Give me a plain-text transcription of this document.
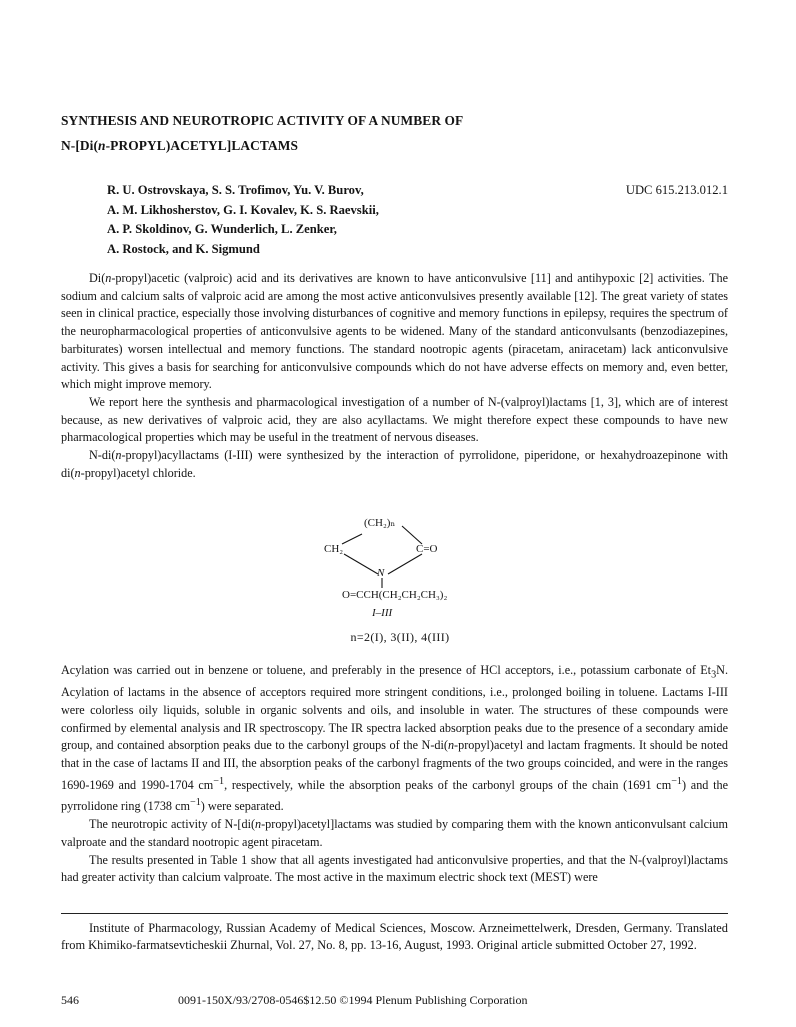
SYNTHESIS AND NEUROTROPIC ACTIVITY OF A NUMBER OF
N-[Di(n-PROPYL)ACETYL]LACTAMS
R. U. Ostrovskaya, S. S. Trofimov, Yu. V. Burov,
A. M. Likhosherstov, G. I. Kovalev, K. S. Raevskii,
A. P. Skoldinov, G. Wunderlich, L. Zenker,
A. Rostock, and K. Sigmund
UDC 615.213.012.1

Di(n-propyl)acetic (valproic) acid and its derivatives are known to have anticonvulsive [11] and antihypoxic [2] activities. The sodium and calcium salts of valproic acid are among the most active anticonvulsives presently available [12]. The great variety of states seen in clinical practice, especially those involving disturbances of cognitive and memory functions in epilepsy, requires the spectrum of the neuropharmacological properties of anticonvulsive agents to be widened. Many of the standard anticonvulsants (benzodiazepines, barbiturates) worsen intellectual and memory functions. The standard nootropic agents (piracetam, aniracetam) lack anticonvulsive activity. This gives a basis for searching for anticonvulsive compounds which do not have adverse effects on memory and, even better, which might improve memory.

We report here the synthesis and pharmacological investigation of a number of N-(valproyl)lactams [1, 3], which are of interest because, as new derivatives of valproic acid, they are also acyllactams. We might therefore expect these compounds to have new pharmacological properties which may be useful in the treatment of nervous diseases.

N-di(n-propyl)acyllactams (I-III) were synthesized by the interaction of pyrrolidone, piperidone, or hexahydroazepinone with di(n-propyl)acetyl chloride.

(CH₂)ₙ
CH₂	C=O
N
O=CCH(CH₂CH₂CH₃)₂
I–III
n=2(I), 3(II), 4(III)

Acylation was carried out in benzene or toluene, and preferably in the presence of HCl acceptors, i.e., potassium carbonate of $Et_3N$. Acylation of lactams in the absence of acceptors required more stringent conditions, i.e., prolonged boiling in toluene. Lactams I-III were colorless oily liquids, soluble in organic solvents and oils, and insoluble in water. The structures of these compounds were confirmed by elemental analysis and IR spectroscopy. The IR spectra lacked absorption peaks due to the presence of a secondary amide group, and contained absorption peaks due to the carbonyl groups of the N-di(n-propyl)acetyl and lactam fragments. It should be noted that in the case of lactams II and III, the absorption peaks of the carbonyl fragments of the two groups coincided, and were in the ranges 1690-1969 and 1990-1704 $cm^{-1}$, respectively, while the absorption peaks of the carbonyl groups of the chain (1691 $cm^{-1}$) and the pyrrolidone ring (1738 $cm^{-1}$) were separated.

The neurotropic activity of N-[di(n-propyl)acetyl]lactams was studied by comparing them with the known anticonvulsant calcium valproate and the standard nootropic agent piracetam.

The results presented in Table 1 show that all agents investigated had anticonvulsive properties, and that the N-(valproyl)lactams had greater activity than calcium valproate. The most active in the maximum electric shock text (MEST) were

Institute of Pharmacology, Russian Academy of Medical Sciences, Moscow. Arzneimettelwerk, Dresden, Germany. Translated from Khimiko-farmatsevticheskii Zhurnal, Vol. 27, No. 8, pp. 13-16, August, 1993. Original article submitted October 27, 1992.

546	0091-150X/93/2708-0546$12.50 ©1994 Plenum Publishing Corporation
